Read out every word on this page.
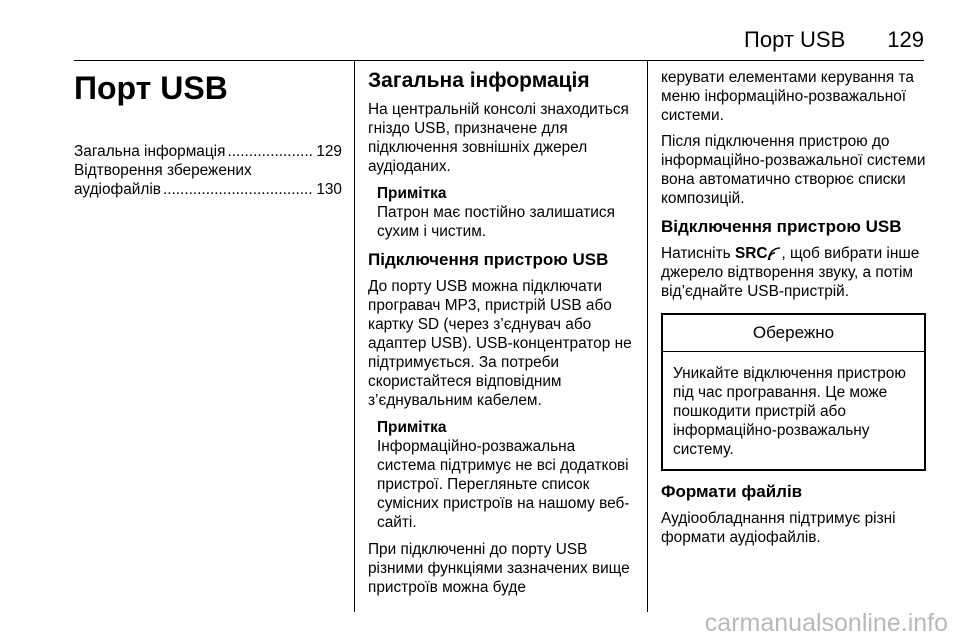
Порт USB 129
Порт USB
Загальна інформація .....	129
Відтворення збережених
аудіофайлів .....	130
Загальна інформація

На центральній консолі знаходиться гніздо USB, призначене для підключення зовнішніх джерел аудіоданих.

Примітка
Патрон має постійно залишатися сухим і чистим.
Підключення пристрою USB

До порту USB можна підключати програвач MP3, пристрій USB або картку SD (через з’єднувач або адаптер USB). USB-концентратор не підтримується. За потреби скористайтеся відповідним з’єднувальним кабелем.

Примітка
Інформаційно-розважальна система підтримує не всі додаткові пристрої. Перегляньте список сумісних пристроїв на нашому веб-сайті.

При підключенні до порту USB різними функціями зазначених вище пристроїв можна буде

керувати елементами керування та меню інформаційно-розважальної системи.

Після підключення пристрою до інформаційно-розважальної системи вона автоматично створює списки композицій.

Відключення пристрою USB

Натисніть SRC , щоб вибрати інше джерело відтворення звуку, а потім від’єднайте USB-пристрій.

Обережно
Уникайте відключення пристрою під час програвання. Це може пошкодити пристрій або інформаційно-розважальну систему.
Формати файлів

Аудіообладнання підтримує різні формати аудіофайлів.

carmanualsonline.info
